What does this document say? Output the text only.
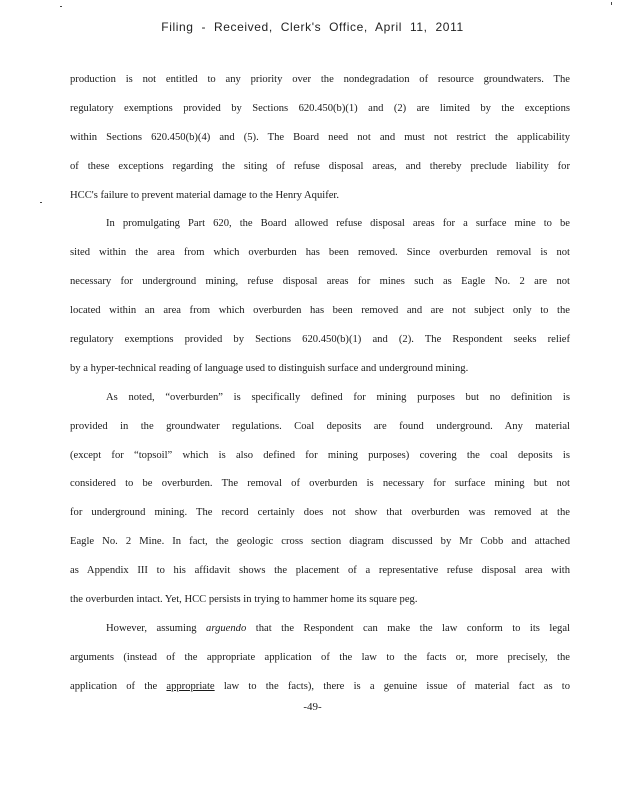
Filing - Received, Clerk's Office, April 11, 2011
production is not entitled to any priority over the nondegradation of resource groundwaters. The
regulatory exemptions provided by Sections 620.450(b)(1) and (2) are limited by the exceptions
within Sections 620.450(b)(4) and (5). The Board need not and must not restrict the applicability
of these exceptions regarding the siting of refuse disposal areas, and thereby preclude liability for
HCC's failure to prevent material damage to the Henry Aquifer.
In promulgating Part 620, the Board allowed refuse disposal areas for a surface mine to be
sited within the area from which overburden has been removed. Since overburden removal is not
necessary for underground mining, refuse disposal areas for mines such as Eagle No. 2 are not
located within an area from which overburden has been removed and are not subject only to the
regulatory exemptions provided by Sections 620.450(b)(1) and (2). The Respondent seeks relief
by a hyper-technical reading of language used to distinguish surface and underground mining.
As noted, “overburden” is specifically defined for mining purposes but no definition is
provided in the groundwater regulations. Coal deposits are found underground. Any material
(except for “topsoil” which is also defined for mining purposes) covering the coal deposits is
considered to be overburden. The removal of overburden is necessary for surface mining but not
for underground mining. The record certainly does not show that overburden was removed at the
Eagle No. 2 Mine. In fact, the geologic cross section diagram discussed by Mr Cobb and attached
as Appendix III to his affidavit shows the placement of a representative refuse disposal area with
the overburden intact. Yet, HCC persists in trying to hammer home its square peg.
However, assuming arguendo that the Respondent can make the law conform to its legal
arguments (instead of the appropriate application of the law to the facts or, more precisely, the
application of the appropriate law to the facts), there is a genuine issue of material fact as to
-49-
